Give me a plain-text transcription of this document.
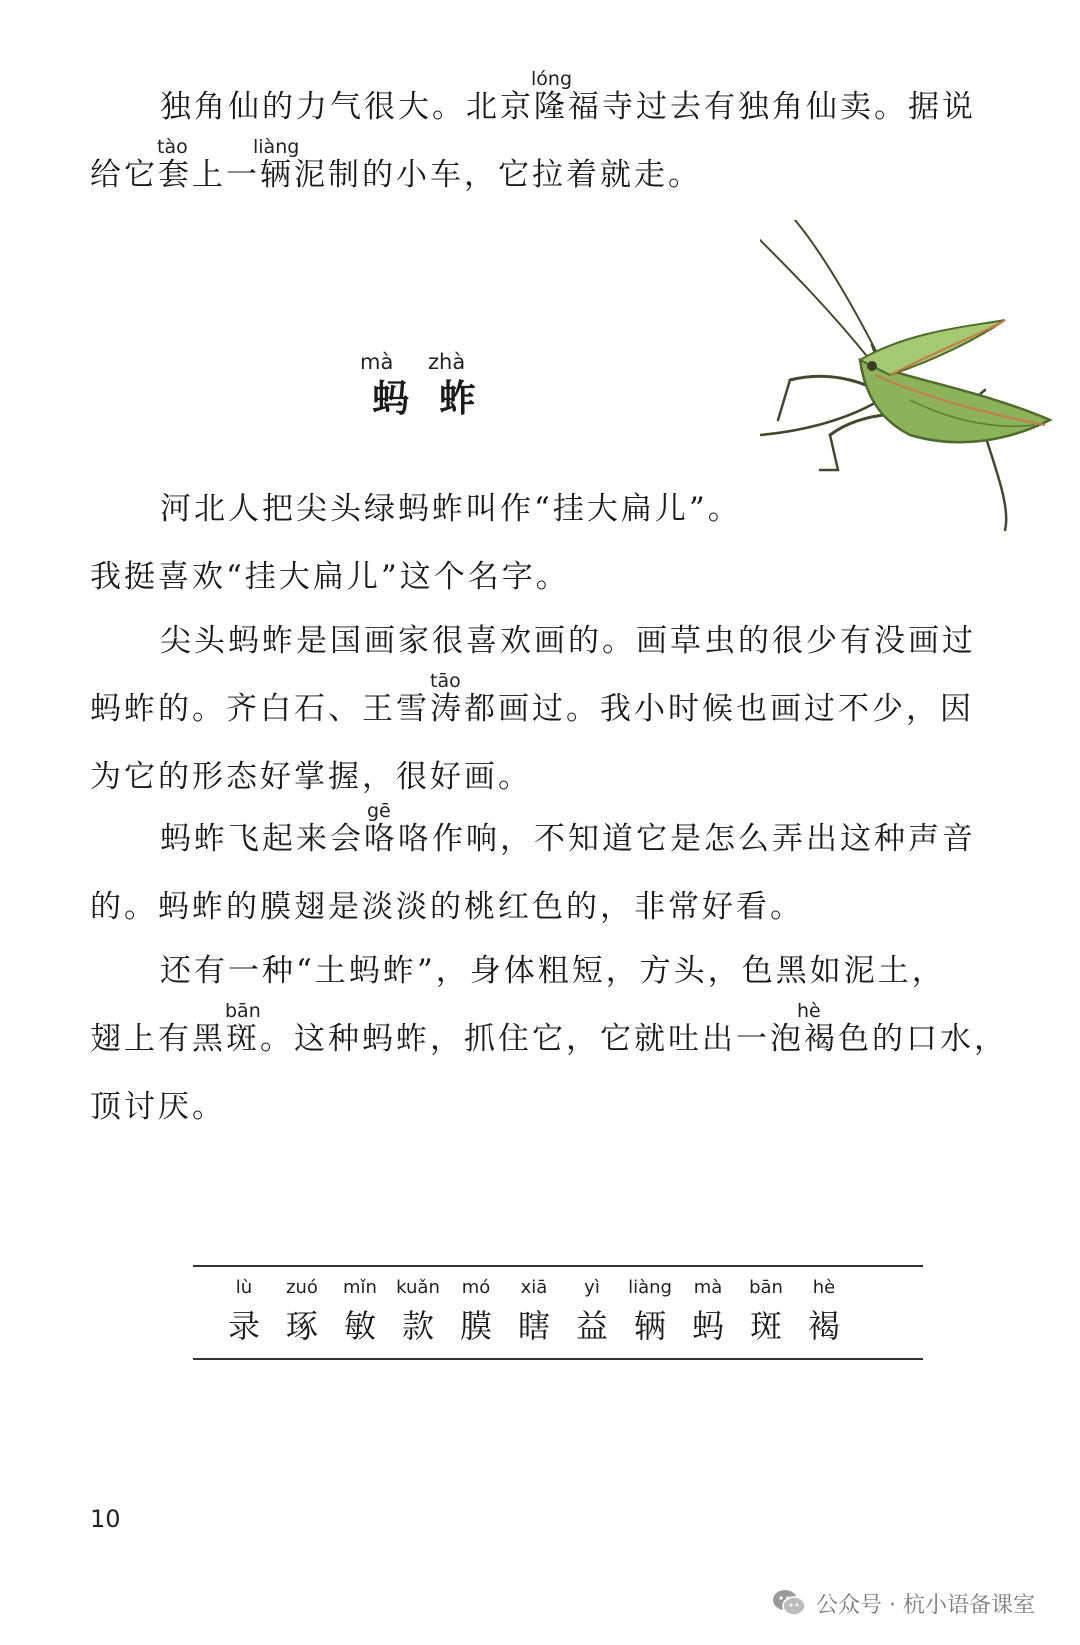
lóng
独角仙的力气很大。北京隆福寺过去有独角仙卖。据说
tào	liàng
给它套上一辆泥制的小车，它拉着就走。
mà zhà
蚂蚱
河北人把尖头绿蚂蚱叫作“挂大扁儿”。
我挺喜欢“挂大扁儿”这个名字。
尖头蚂蚱是国画家很喜欢画的。画草虫的很少有没画过
tāo
蚂蚱的。齐白石、王雪涛都画过。我小时候也画过不少，因
为它的形态好掌握，很好画。
gē
蚂蚱飞起来会咯咯作响，不知道它是怎么弄出这种声音
的。蚂蚱的膜翅是淡淡的桃红色的，非常好看。
还有一种“土蚂蚱”，身体粗短，方头，色黑如泥土，
bān	hè
翅上有黑斑。这种蚂蚱，抓住它，它就吐出一泡褐色的口水，
顶讨厌。
lù
录
zuó
琢
mǐn
敏
kuǎn
款
mó
膜
xiā
瞎
yì
益
liàng
辆
mà
蚂
bān
斑
hè
褐
10
公众号 · 杭小语备课室
